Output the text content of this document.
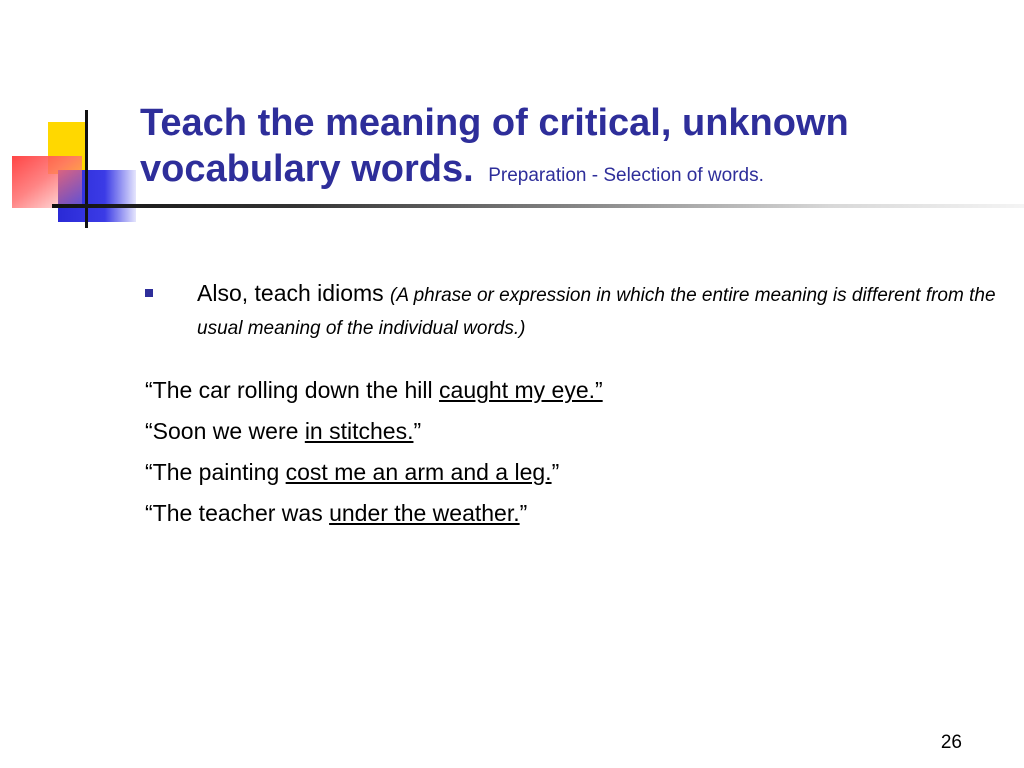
Teach the meaning of critical, unknown vocabulary words. Preparation - Selection of words.
Also, teach idioms (A phrase or expression in which the entire meaning is different from the usual meaning of the individual words.)
“The car rolling down the hill caught my eye.”
“Soon we were in stitches.”
“The painting cost me an arm and a leg.”
“The teacher was under the weather.”
26
